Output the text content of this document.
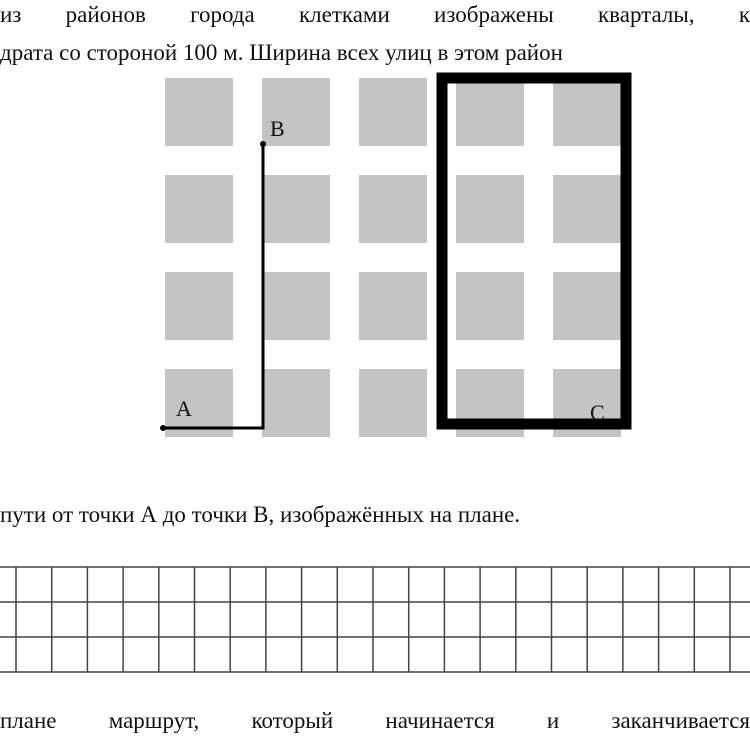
из районов города клетками изображены кварталы, к
драта со стороной 100 м. Ширина всех улиц в этом район
А
В
С
пути от точки А до точки В, изображённых на плане.
плане маршрут, который начинается и заканчивается
